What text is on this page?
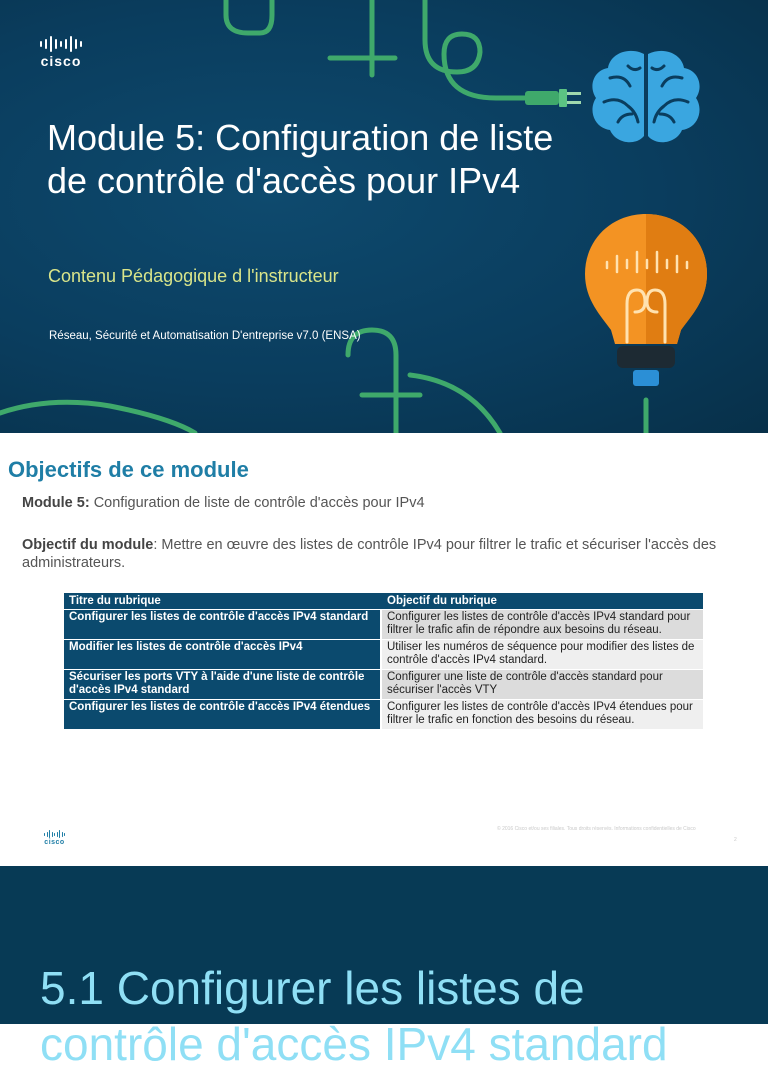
cisco
Module 5: Configuration de liste de contrôle d'accès pour IPv4
Contenu Pédagogique d l'instructeur
Réseau, Sécurité et Automatisation D'entreprise v7.0 (ENSA)
Objectifs de ce module

Module 5: Configuration de liste de contrôle d'accès pour IPv4

Objectif du module: Mettre en œuvre des listes de contrôle IPv4 pour filtrer le trafic et sécuriser l'accès des administrateurs.

Titre du rubrique	Objectif du rubrique
Configurer les listes de contrôle d'accès IPv4 standard	Configurer les listes de contrôle d'accès IPv4 standard pour filtrer le trafic afin de répondre aux besoins du réseau.
Modifier les listes de contrôle d'accès IPv4	Utiliser les numéros de séquence pour modifier des listes de contrôle d'accès IPv4 standard.
Sécuriser les ports VTY à l'aide d'une liste de contrôle d'accès IPv4 standard	Configurer une liste de contrôle d'accès standard pour sécuriser l'accès VTY
Configurer les listes de contrôle d'accès IPv4 étendues	Configurer les listes de contrôle d'accès IPv4 étendues pour filtrer le trafic en fonction des besoins du réseau.
cisco
© 2016 Cisco et/ou ses filiales. Tous droits réservés. Informations confidentielles de Cisco
2
5.1 Configurer les listes de contrôle d'accès IPv4 standard
